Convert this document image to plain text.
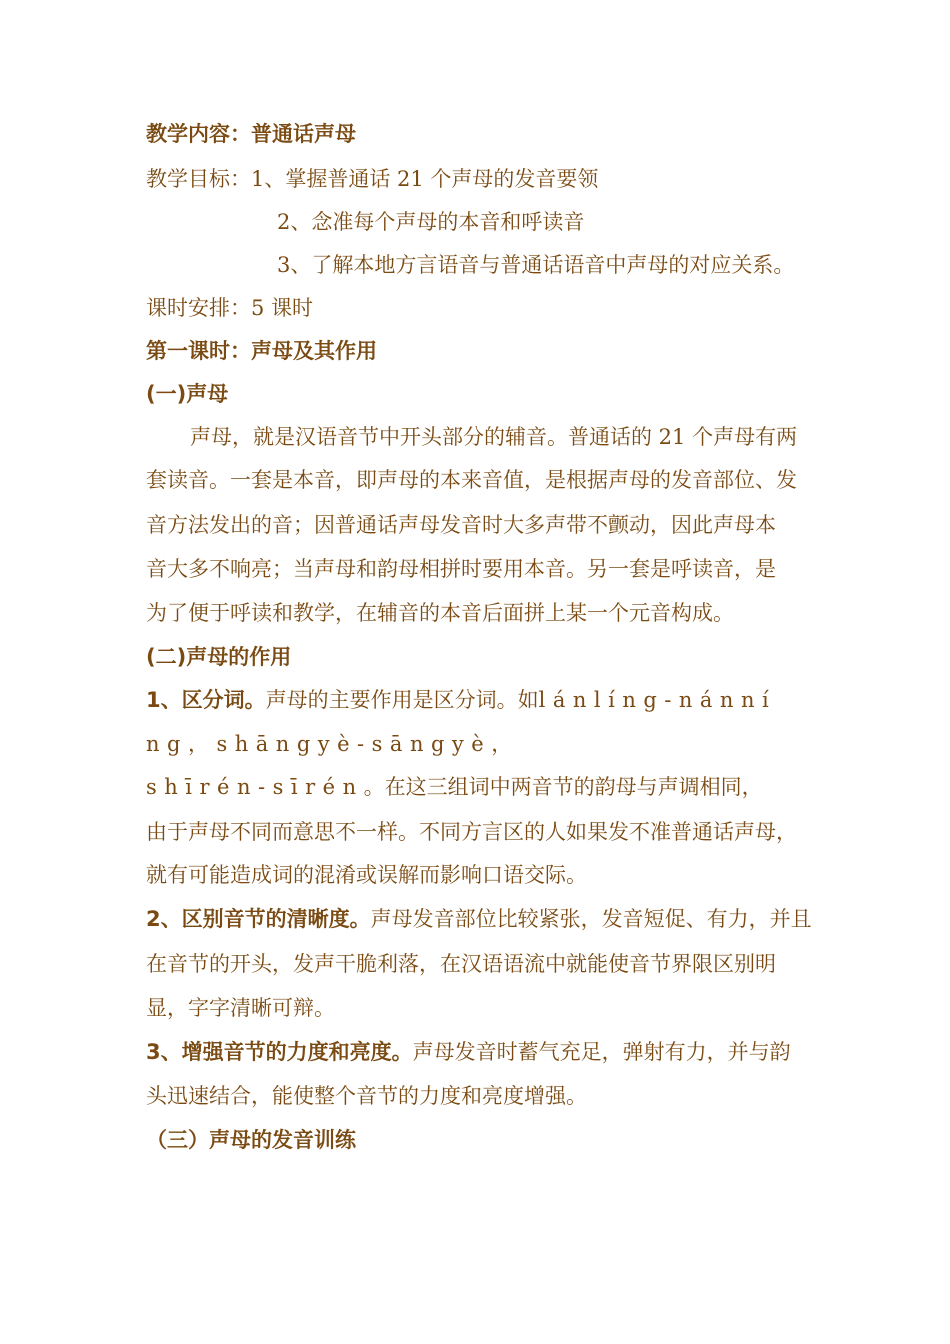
教学内容：普通话声母
教学目标：1、掌握普通话 21 个声母的发音要领
2、念准每个声母的本音和呼读音
3、了解本地方言语音与普通话语音中声母的对应关系。
课时安排：5 课时
第一课时：声母及其作用
(一)声母
声母，就是汉语音节中开头部分的辅音。普通话的 21 个声母有两
套读音。一套是本音，即声母的本来音值，是根据声母的发音部位、发
音方法发出的音；因普通话声母发音时大多声带不颤动，因此声母本
音大多不响亮；当声母和韵母相拼时要用本音。另一套是呼读音，是
为了便于呼读和教学，在辅音的本音后面拼上某一个元音构成。
(二)声母的作用
1、区分词。声母的主要作用是区分词。如lánlíng-nánní
ng，shāngyè-sāngyè，
shīrén-sīrén。在这三组词中两音节的韵母与声调相同，
由于声母不同而意思不一样。不同方言区的人如果发不准普通话声母，
就有可能造成词的混淆或误解而影响口语交际。
2、区别音节的清晰度。声母发音部位比较紧张，发音短促、有力，并且
在音节的开头，发声干脆利落，在汉语语流中就能使音节界限区别明
显，字字清晰可辩。
3、增强音节的力度和亮度。声母发音时蓄气充足，弹射有力，并与韵
头迅速结合，能使整个音节的力度和亮度增强。
（三）声母的发音训练
